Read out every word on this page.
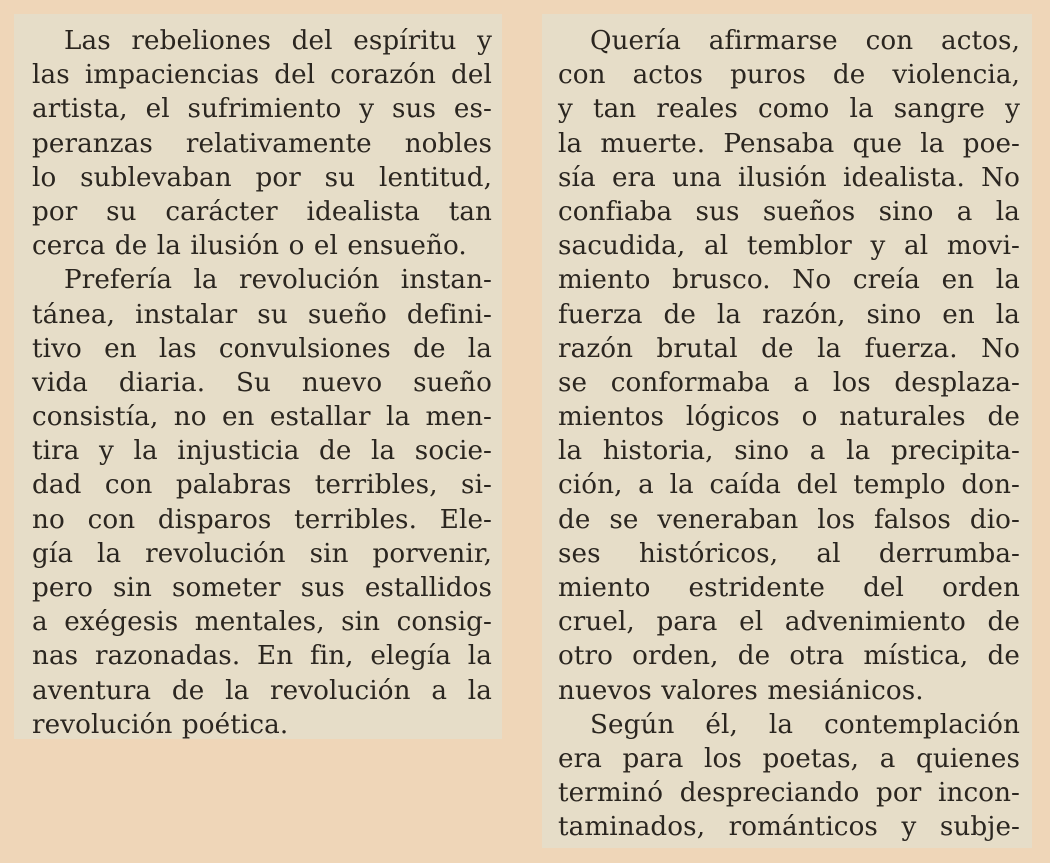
Las rebeliones del espíritu y
las impaciencias del corazón del
artista, el sufrimiento y sus es-
peranzas relativamente nobles
lo sublevaban por su lentitud,
por su carácter idealista tan
cerca de la ilusión o el ensueño.
Prefería la revolución instan-
tánea, instalar su sueño defini-
tivo en las convulsiones de la
vida diaria. Su nuevo sueño
consistía, no en estallar la men-
tira y la injusticia de la socie-
dad con palabras terribles, si-
no con disparos terribles. Ele-
gía la revolución sin porvenir,
pero sin someter sus estallidos
a exégesis mentales, sin consig-
nas razonadas. En fin, elegía la
aventura de la revolución a la
revolución poética.
Quería afirmarse con actos,
con actos puros de violencia,
y tan reales como la sangre y
la muerte. Pensaba que la poe-
sía era una ilusión idealista. No
confiaba sus sueños sino a la
sacudida, al temblor y al movi-
miento brusco. No creía en la
fuerza de la razón, sino en la
razón brutal de la fuerza. No
se conformaba a los desplaza-
mientos lógicos o naturales de
la historia, sino a la precipita-
ción, a la caída del templo don-
de se veneraban los falsos dio-
ses históricos, al derrumba-
miento estridente del orden
cruel, para el advenimiento de
otro orden, de otra mística, de
nuevos valores mesiánicos.
Según él, la contemplación
era para los poetas, a quienes
terminó despreciando por incon-
taminados, románticos y subje-
